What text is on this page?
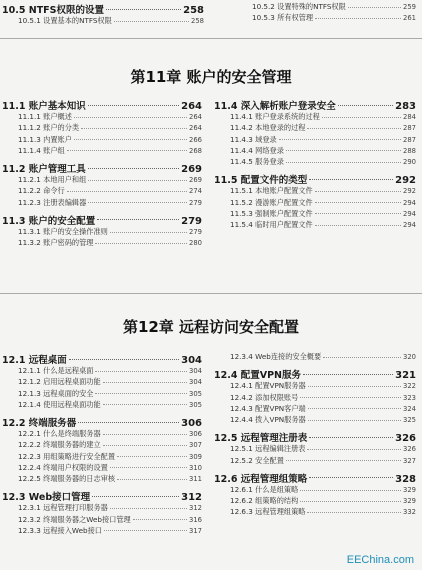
10.5 NTFS权限的设置	258
10.5.1 设置基本的NTFS权限	258
10.5.2 设置特殊的NTFS权限	259
10.5.3 所有权管理	261
第11章 账户的安全管理
11.1 账户基本知识	264
11.1.1 账户概述	264
11.1.2 账户的分类	264
11.1.3 内置账户	266
11.1.4 账户组	268
11.2 账户管理工具	269
11.2.1 本地用户和组	269
11.2.2 命令行	274
11.2.3 注册表编辑器	279
11.3 账户的安全配置	279
11.3.1 账户的安全操作准则	279
11.3.2 账户密码的管理	280
11.4 深入解析账户登录安全	283
11.4.1 账户登录系统的过程	284
11.4.2 本地登录的过程	287
11.4.3 域登录	287
11.4.4 网络登录	288
11.4.5 服务登录	290
11.5 配置文件的类型	292
11.5.1 本地账户配置文件	292
11.5.2 漫游账户配置文件	294
11.5.3 强制账户配置文件	294
11.5.4 临时用户配置文件	294
第12章 远程访问安全配置
12.1 远程桌面	304
12.1.1 什么是远程桌面	304
12.1.2 启用远程桌面功能	304
12.1.3 远程桌面的安全	305
12.1.4 使用远程桌面功能	305
12.2 终端服务器	306
12.2.1 什么是终端服务器	306
12.2.2 终端服务器的建立	307
12.2.3 用组策略进行安全配置	309
12.2.4 终端用户权限的设置	310
12.2.5 终端服务器的日志审核	311
12.3 Web接口管理	312
12.3.1 远程管理打印服务器	312
12.3.2 终端服务器之Web接口管理	316
12.3.3 远程接入Web接口	317
12.3.4 Web连接的安全概要	320
12.4 配置VPN服务	321
12.4.1 配置VPN服务器	322
12.4.2 添加权限账号	323
12.4.3 配置VPN客户端	324
12.4.4 拨入VPN服务器	325
12.5 远程管理注册表	326
12.5.1 远程编辑注册表	326
12.5.2 安全配置	327
12.6 远程管理组策略	328
12.6.1 什么是组策略	329
12.6.2 组策略的结构	329
12.6.3 远程管理组策略	332
EEChina.com
